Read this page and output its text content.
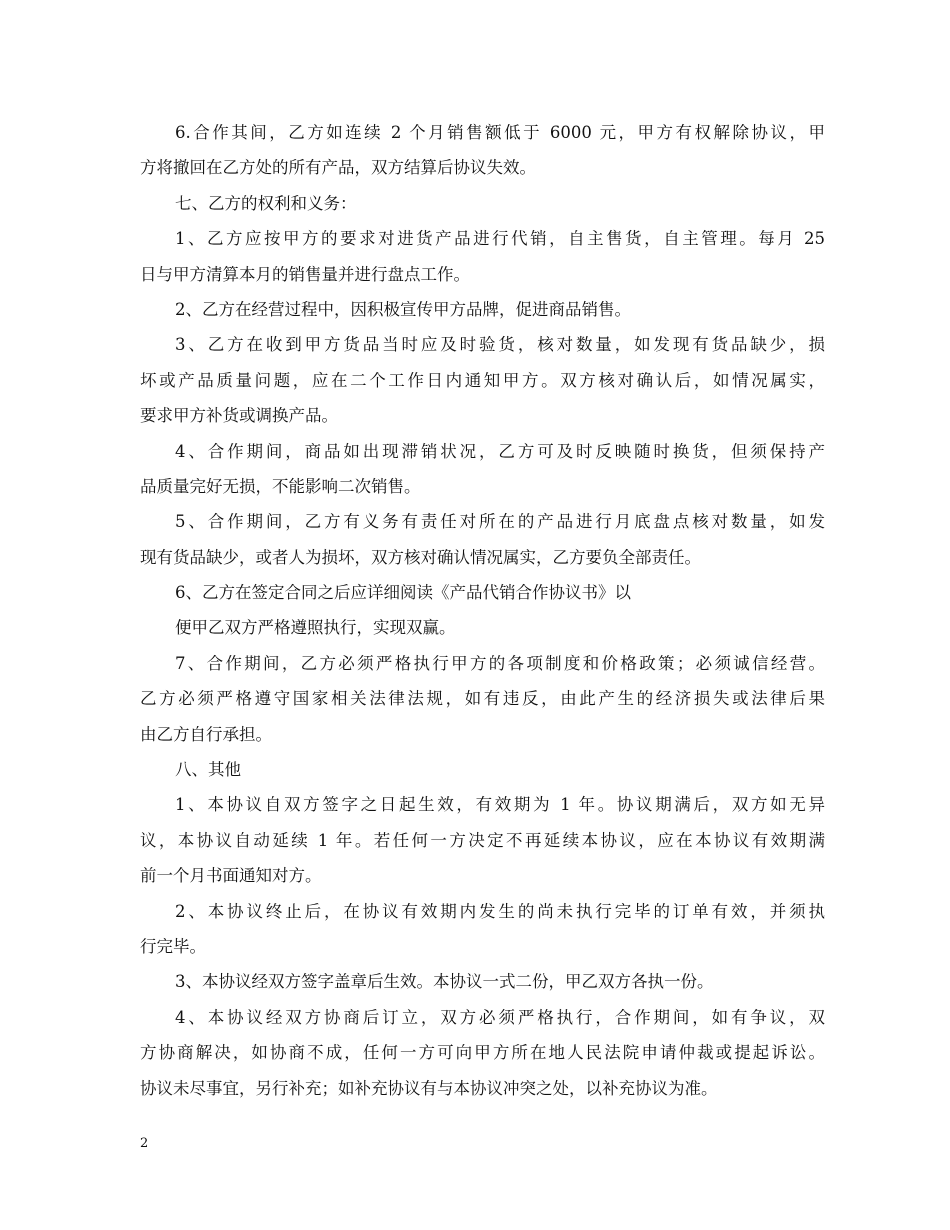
6.合作其间，乙方如连续 2 个月销售额低于 6000 元，甲方有权解除协议，甲
方将撤回在乙方处的所有产品，双方结算后协议失效。
七、乙方的权利和义务：
1、乙方应按甲方的要求对进货产品进行代销，自主售货，自主管理。每月 25
日与甲方清算本月的销售量并进行盘点工作。
2、乙方在经营过程中，因积极宣传甲方品牌，促进商品销售。
3、乙方在收到甲方货品当时应及时验货，核对数量，如发现有货品缺少，损
坏或产品质量问题，应在二个工作日内通知甲方。双方核对确认后，如情况属实，
要求甲方补货或调换产品。
4、合作期间，商品如出现滞销状况，乙方可及时反映随时换货，但须保持产
品质量完好无损，不能影响二次销售。
5、合作期间，乙方有义务有责任对所在的产品进行月底盘点核对数量，如发
现有货品缺少，或者人为损坏，双方核对确认情况属实，乙方要负全部责任。
6、乙方在签定合同之后应详细阅读《产品代销合作协议书》以
便甲乙双方严格遵照执行，实现双赢。
7、合作期间，乙方必须严格执行甲方的各项制度和价格政策；必须诚信经营。
乙方必须严格遵守国家相关法律法规，如有违反，由此产生的经济损失或法律后果
由乙方自行承担。
八、其他
1、本协议自双方签字之日起生效，有效期为 1 年。协议期满后，双方如无异
议，本协议自动延续 1 年。若任何一方决定不再延续本协议，应在本协议有效期满
前一个月书面通知对方。
2、本协议终止后，在协议有效期内发生的尚未执行完毕的订单有效，并须执
行完毕。
3、本协议经双方签字盖章后生效。本协议一式二份，甲乙双方各执一份。
4、本协议经双方协商后订立，双方必须严格执行，合作期间，如有争议，双
方协商解决，如协商不成，任何一方可向甲方所在地人民法院申请仲裁或提起诉讼。
协议未尽事宜，另行补充；如补充协议有与本协议冲突之处，以补充协议为准。
2
